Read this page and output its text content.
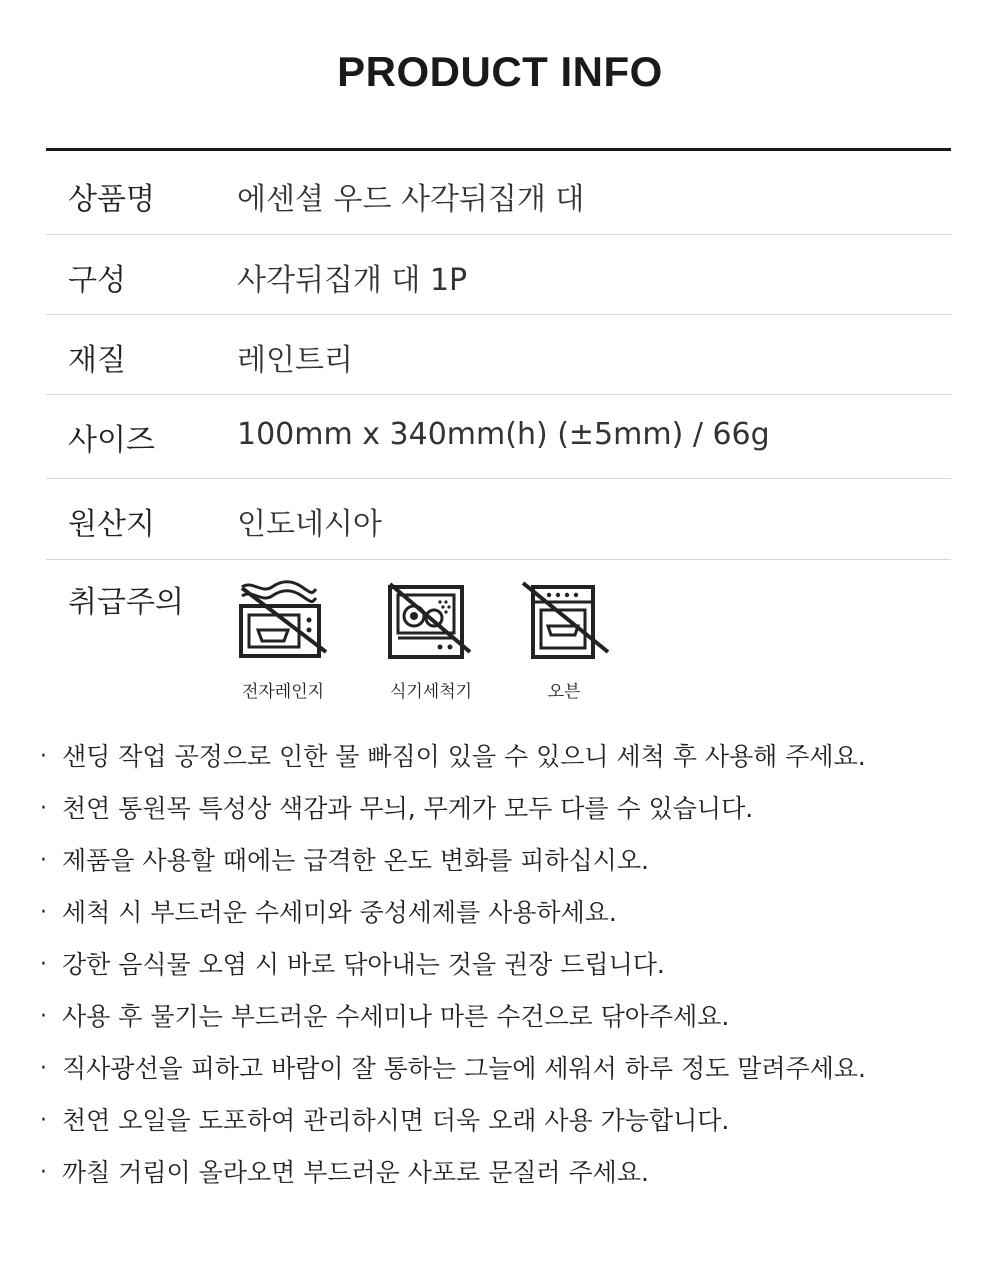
PRODUCT INFO
상품명	에센셜 우드 사각뒤집개 대
구성	사각뒤집개 대 1P
재질	레인트리
사이즈	100mm x 340mm(h) (±5mm) / 66g
원산지	인도네시아
취급주의
전자레인지	식기세척기	오븐
· 샌딩 작업 공정으로 인한 물 빠짐이 있을 수 있으니 세척 후 사용해 주세요.
· 천연 통원목 특성상 색감과 무늬, 무게가 모두 다를 수 있습니다.
· 제품을 사용할 때에는 급격한 온도 변화를 피하십시오.
· 세척 시 부드러운 수세미와 중성세제를 사용하세요.
· 강한 음식물 오염 시 바로 닦아내는 것을 권장 드립니다.
· 사용 후 물기는 부드러운 수세미나 마른 수건으로 닦아주세요.
· 직사광선을 피하고 바람이 잘 통하는 그늘에 세워서 하루 정도 말려주세요.
· 천연 오일을 도포하여 관리하시면 더욱 오래 사용 가능합니다.
· 까칠 거림이 올라오면 부드러운 사포로 문질러 주세요.
